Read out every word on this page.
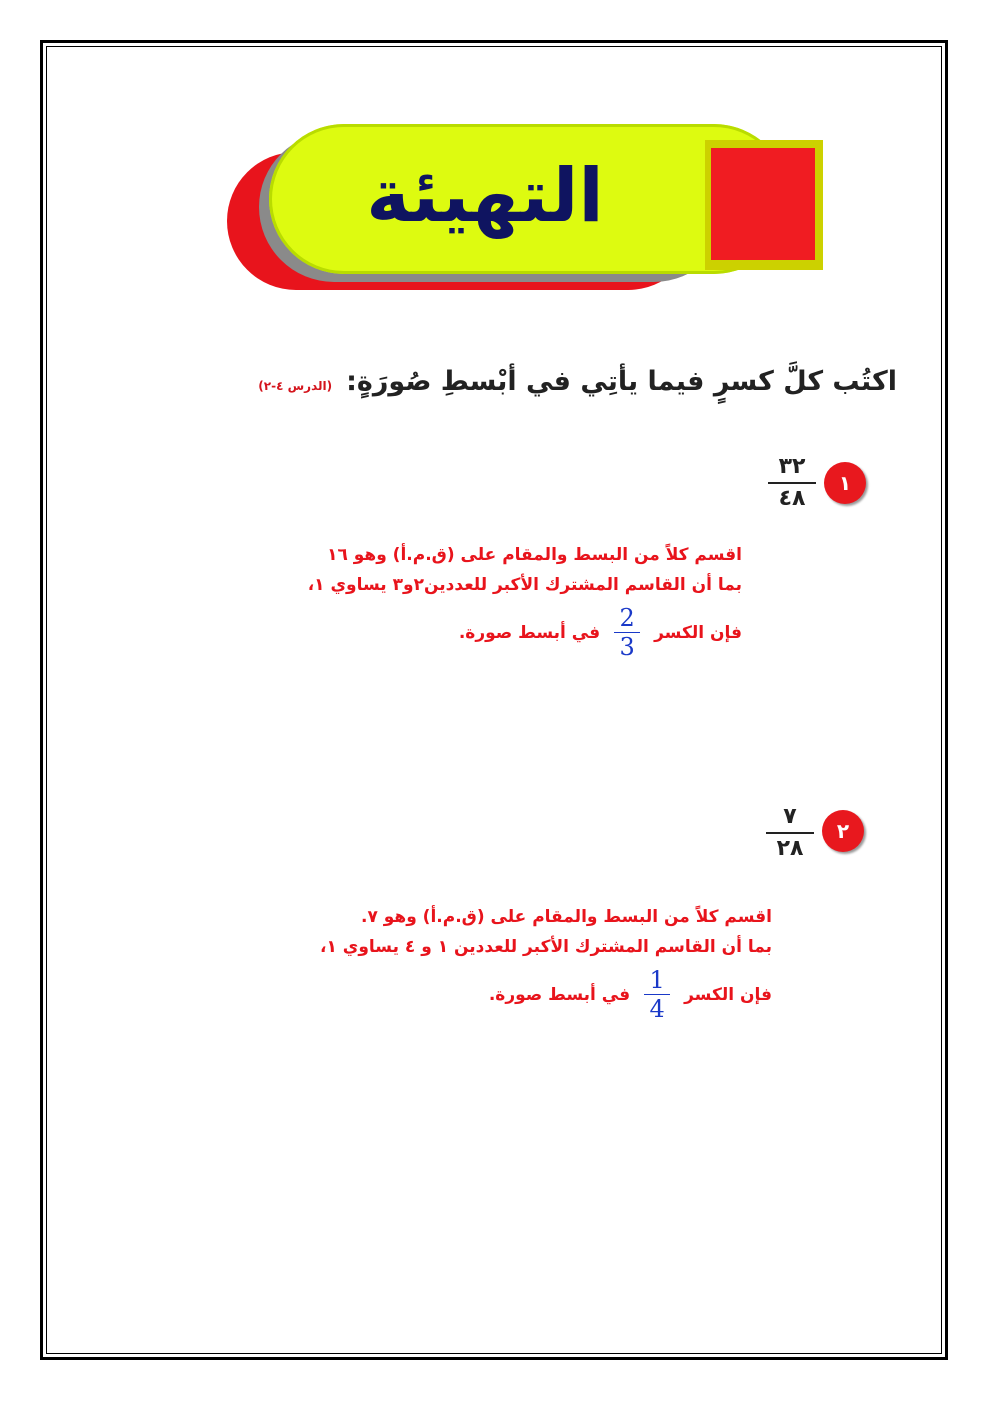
التهيئة
اكتُب كلَّ كسرٍ فيما يأتِي في أبْسطِ صُورَةٍ:
(الدرس ٤-٢)
١
٣٢
٤٨
اقسم كلاً من البسط والمقام على (ق.م.أ) وهو ١٦
بما أن القاسم المشترك الأكبر للعددين٢و٣ يساوي ١،
فإن الكسر
$\frac{2}{3}$
في أبسط صورة.
٢
٧
٢٨
اقسم كلاً من البسط والمقام على (ق.م.أ) وهو ٧.
بما أن القاسم المشترك الأكبر للعددين ١ و ٤ يساوي ١،
فإن الكسر
$\frac{1}{4}$
في أبسط صورة.
